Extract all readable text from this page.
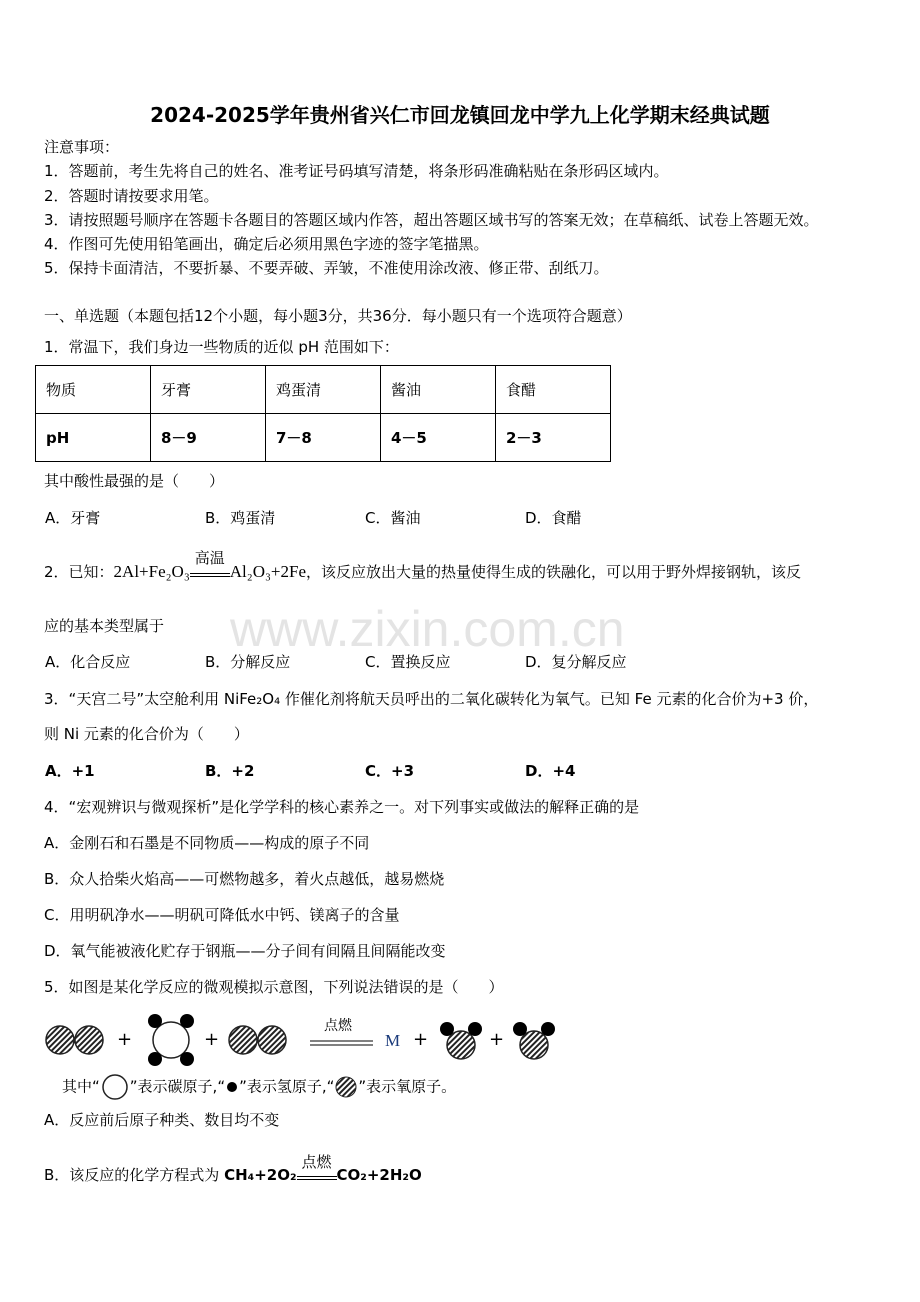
www.zixin.com.cn
2024-2025学年贵州省兴仁市回龙镇回龙中学九上化学期末经典试题
注意事项：
1．答题前，考生先将自己的姓名、准考证号码填写清楚，将条形码准确粘贴在条形码区域内。
2．答题时请按要求用笔。
3．请按照题号顺序在答题卡各题目的答题区域内作答，超出答题区域书写的答案无效；在草稿纸、试卷上答题无效。
4．作图可先使用铅笔画出，确定后必须用黑色字迹的签字笔描黑。
5．保持卡面清洁，不要折暴、不要弄破、弄皱，不准使用涂改液、修正带、刮纸刀。
一、单选题（本题包括12个小题，每小题3分，共36分．每小题只有一个选项符合题意）
1．常温下，我们身边一些物质的近似 pH 范围如下：
物质	牙膏	鸡蛋清	酱油	食醋
pH	8－9	7－8	4－5	2－3
其中酸性最强的是（　　）
A．牙膏	B．鸡蛋清	C．酱油	D．食醋
2．已知：2Al+Fe₂O₃
高温
Al₂O₃+2Fe，该反应放出大量的热量使得生成的铁融化，可以用于野外焊接钢轨，该反
应的基本类型属于
A．化合反应	B．分解反应	C．置换反应	D．复分解反应
3．“天宫二号”太空舱利用 NiFe₂O₄ 作催化剂将航天员呼出的二氧化碳转化为氧气。已知 Fe 元素的化合价为+3 价，
则 Ni 元素的化合价为（　　）
A．+1	B．+2	C．+3	D．+4
4．“宏观辨识与微观探析”是化学学科的核心素养之一。对下列事实或做法的解释正确的是
A．金刚石和石墨是不同物质——构成的原子不同
B．众人拾柴火焰高——可燃物越多，着火点越低，越易燃烧
C．用明矾净水——明矾可降低水中钙、镁离子的含量
D．氧气能被液化贮存于钢瓶——分子间有间隔且间隔能改变
5．如图是某化学反应的微观模拟示意图，下列说法错误的是（　　）
+	+
点燃
M +	+
其中“ ”表示碳原子,“ ”表示氢原子,“ ”表示氧原子。
A．反应前后原子种类、数目均不变
B．该反应的化学方程式为 CH₄+2O₂
点燃
CO₂+2H₂O
